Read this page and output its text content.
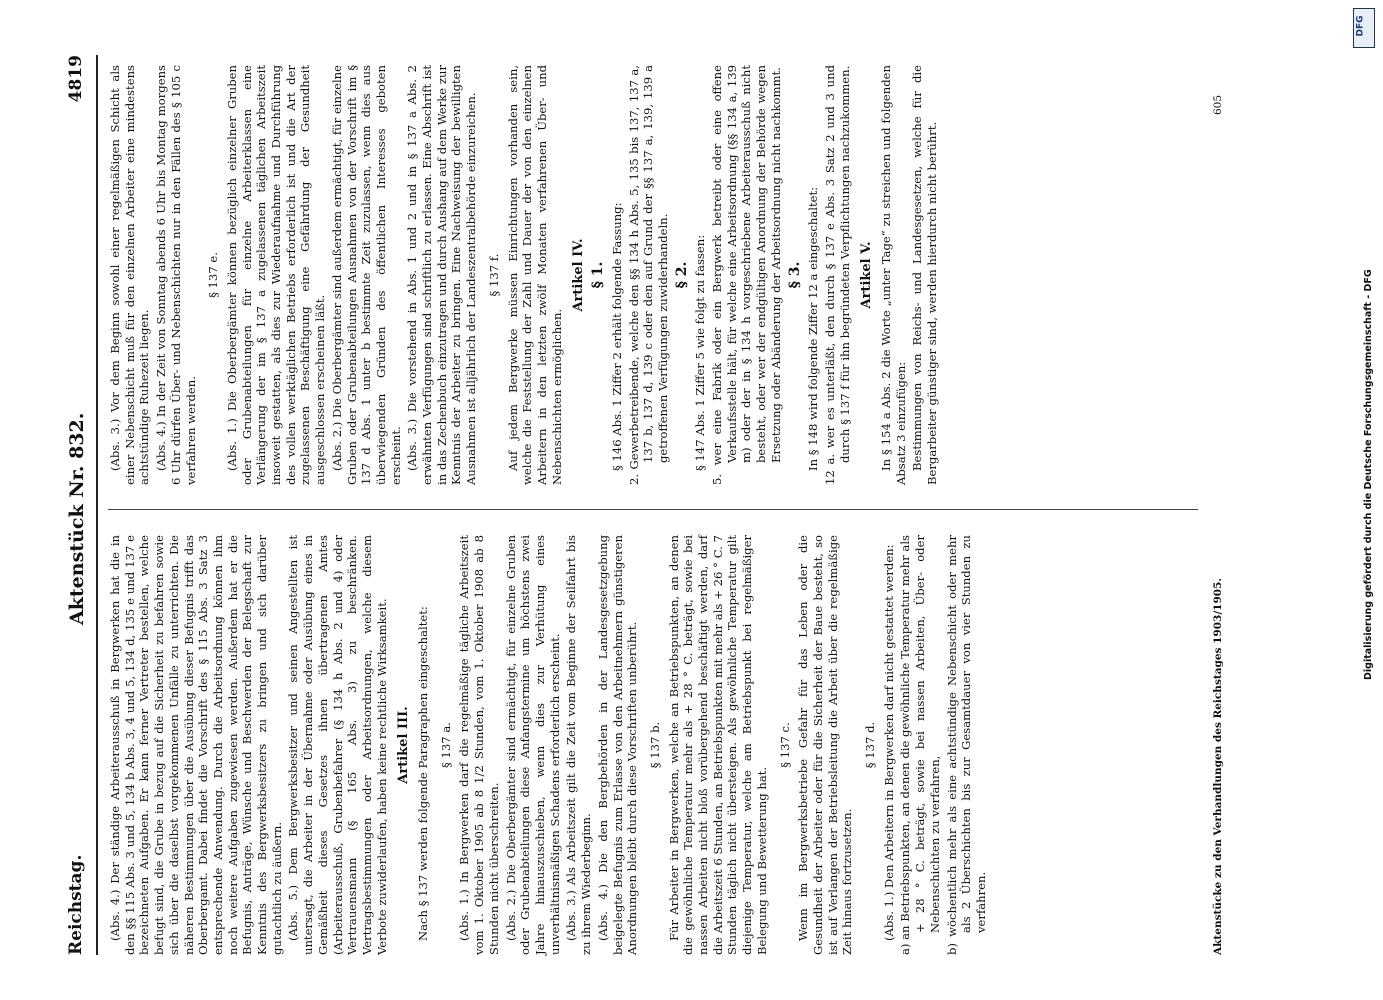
Reichstag.
Aktenstück Nr. 832.
4819

(Abs. 4.) Der ständige Arbeiterausschuß in Bergwerken hat die in den §§ 115 Abs. 3 und 5, 134 b Abs. 3, 4 und 5, 134 d, 135 e und 137 e bezeichneten Aufgaben. Er kann ferner Vertreter bestellen, welche befugt sind, die Grube in bezug auf die Sicherheit zu befahren sowie sich über die daselbst vorgekommenen Unfälle zu unterrichten. Die näheren Bestimmungen über die Ausübung dieser Befugnis trifft das Oberbergamt. Dabei findet die Vorschrift des § 115 Abs. 3 Satz 3 entsprechende Anwendung. Durch die Arbeitsordnung können ihm noch weitere Aufgaben zugewiesen werden. Außerdem hat er die Befugnis, Anträge, Wünsche und Beschwerden der Belegschaft zur Kenntnis des Bergwerksbesitzers zu bringen und sich darüber gutachtlich zu äußern. (Abs. 5.) Dem Bergwerksbesitzer und seinen Angestellten ist untersagt, die Arbeiter in der Übernahme oder Ausübung eines in Gemäßheit dieses Gesetzes ihnen übertragenen Amtes (Arbeiterausschuß, Grubenbefahrer (§ 134 h Abs. 2 und 4) oder Vertrauensmann (§ 165 Abs. 3) zu beschränken. Vertragsbestimmungen oder Arbeitsordnungen, welche diesem Verbote zuwiderlaufen, haben keine rechtliche Wirksamkeit. Artikel III. Nach § 137 werden folgende Paragraphen eingeschaltet: § 137 a. (Abs. 1.) In Bergwerken darf die regelmäßige tägliche Arbeitszeit vom 1. Oktober 1905 ab 8 1/2 Stunden, vom 1. Oktober 1908 ab 8 Stunden nicht überschreiten. (Abs. 2.) Die Oberbergämter sind ermächtigt, für einzelne Gruben oder Grubenabteilungen diese Anfangstermine um höchstens zwei Jahre hinauszuschieben, wenn dies zur Verhütung eines unverhältnismäßigen Schadens erforderlich erscheint. (Abs. 3.) Als Arbeitszeit gilt die Zeit vom Beginne der Seilfahrt bis zu ihrem Wiederbeginn. (Abs. 4.) Die den Bergbehörden in der Landesgesetzgebung beigelegte Befugnis zum Erlasse von den Arbeitnehmern günstigeren Anordnungen bleibt durch diese Vorschriften unberührt. § 137 b. Für Arbeiter in Bergwerken, welche an Betriebspunkten, an denen die gewöhnliche Temperatur mehr als + 28 ° C. beträgt, sowie bei nassen Arbeiten nicht bloß vorübergehend beschäftigt werden, darf die Arbeitszeit 6 Stunden, an Betriebspunkten mit mehr als + 26 ° C. 7 Stunden täglich nicht übersteigen. Als gewöhnliche Temperatur gilt diejenige Temperatur, welche am Betriebspunkt bei regelmäßiger Belegung und Bewetterung hat.

§ 137 c. Wenn im Bergwerksbetriebe Gefahr für das Leben oder die Gesundheit der Arbeiter oder für die Sicherheit der Baue besteht, so ist auf Verlangen der Betriebsleitung die Arbeit über die regelmäßige Zeit hinaus fortzusetzen.

§ 137 d. (Abs. 1.) Den Arbeitern in Bergwerken darf nicht gestattet werden: a) an Betriebspunkten, an denen die gewöhnliche Temperatur mehr als + 28 ° C. beträgt, sowie bei nassen Arbeiten, Über- oder Nebenschichten zu verfahren, b) wöchentlich mehr als eine achtstündige Nebenschicht oder mehr als 2 Überschichten bis zur Gesamtdauer von vier Stunden zu verfahren.

(Abs. 3.) Vor dem Beginn sowohl einer regelmäßigen Schicht als einer Nebenschicht muß für den einzelnen Arbeiter eine mindestens achtstündige Ruhezeit liegen. (Abs. 4.) In der Zeit von Sonntag abends 6 Uhr bis Montag morgens 6 Uhr dürfen Über- und Nebenschichten nur in den Fällen des § 105 c verfahren werden.

§ 137 e. (Abs. 1.) Die Oberbergämter können bezüglich einzelner Gruben oder Grubenabteilungen für einzelne Arbeiterklassen eine Verlängerung der im § 137 a zugelassenen täglichen Arbeitszeit insoweit gestatten, als dies zur Wiederaufnahme und Durchführung des vollen werktäglichen Betriebs erforderlich ist und die Art der zugelassenen Beschäftigung eine Gefährdung der Gesundheit ausgeschlossen erscheinen läßt. (Abs. 2.) Die Oberbergämter sind außerdem ermächtigt, für einzelne Gruben oder Grubenabteilungen Ausnahmen von der Vorschrift im § 137 d Abs. 1 unter b bestimmte Zeit zuzulassen, wenn dies aus überwiegenden Gründen des öffentlichen Interesses geboten erscheint. (Abs. 3.) Die vorstehend in Abs. 1 und 2 und in § 137 a Abs. 2 erwähnten Verfügungen sind schriftlich zu erlassen. Eine Abschrift ist in das Zechenbuch einzutragen und durch Aushang auf dem Werke zur Kenntnis der Arbeiter zu bringen. Eine Nachweisung der bewilligten Ausnahmen ist alljährlich der Landeszentralbehörde einzureichen. § 137 f. Auf jedem Bergwerke müssen Einrichtungen vorhanden sein, welche die Feststellung der Zahl und Dauer der von den einzelnen Arbeitern in den letzten zwölf Monaten verfahrenen Über- und Nebenschichten ermöglichen.

Artikel IV. § 1. § 146 Abs. 1 Ziffer 2 erhält folgende Fassung: 2. Gewerbetreibende, welche den §§ 134 h Abs. 5, 135 bis 137, 137 a, 137 b, 137 d, 139 c oder den auf Grund der §§ 137 a, 139, 139 a getroffenen Verfügungen zuwiderhandeln. § 2. § 147 Abs. 1 Ziffer 5 wie folgt zu fassen: 5. wer eine Fabrik oder ein Bergwerk betreibt oder eine offene Verkaufsstelle hält, für welche eine Arbeitsordnung (§§ 134 a, 139 m) oder der in § 134 h vorgeschriebene Arbeiterausschuß nicht besteht, oder wer der endgültigen Anordnung der Behörde wegen Ersetzung oder Abänderung der Arbeitsordnung nicht nachkommt. § 3. In § 148 wird folgende Ziffer 12 a eingeschaltet: 12 a. wer es unterläßt, den durch § 137 e Abs. 3 Satz 2 und 3 und durch § 137 f für ihn begründeten Verpflichtungen nachzukommen. Artikel V. In § 154 a Abs. 2 die Worte „unter Tage“ zu streichen und folgenden Absatz 3 einzufügen: Bestimmungen von Reichs- und Landesgesetzen, welche für die Bergarbeiter günstiger sind, werden hierdurch nicht berührt.

Aktenstücke zu den Verhandlungen des Reichstages 1903/1905.
605
DFG
Digitalisierung gefördert durch die Deutsche Forschungsgemeinschaft - DFG
